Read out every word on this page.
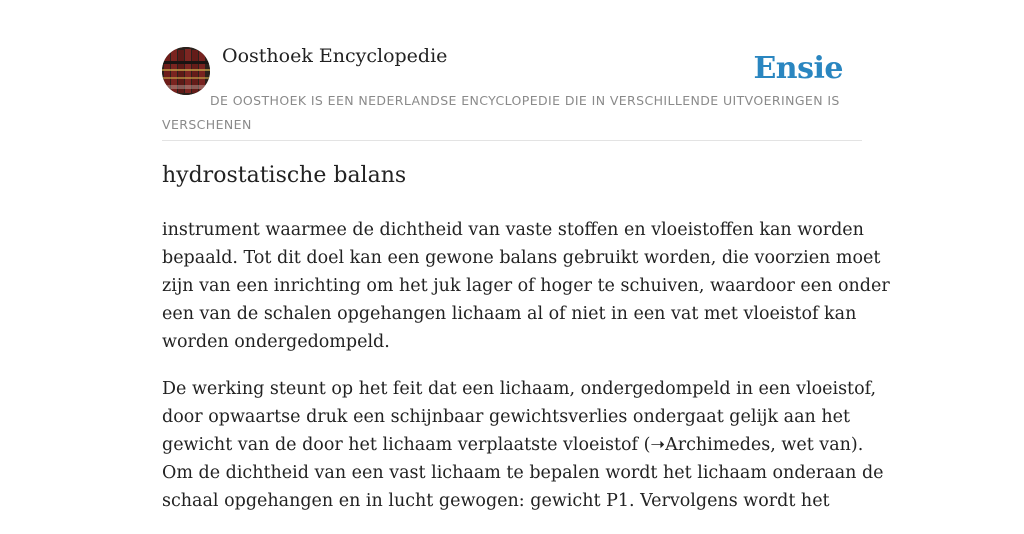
Oosthoek Encyclopedie	Ensie
DE OOSTHOEK IS EEN NEDERLANDSE ENCYCLOPEDIE DIE IN VERSCHILLENDE UITVOERINGEN IS VERSCHENEN
hydrostatische balans

instrument waarmee de dichtheid van vaste stoffen en vloeistoffen kan worden
bepaald. Tot dit doel kan een gewone balans gebruikt worden, die voorzien moet
zijn van een inrichting om het juk lager of hoger te schuiven, waardoor een onder
een van de schalen opgehangen lichaam al of niet in een vat met vloeistof kan
worden ondergedompeld.

De werking steunt op het feit dat een lichaam, ondergedompeld in een vloeistof,
door opwaartse druk een schijnbaar gewichtsverlies ondergaat gelijk aan het
gewicht van de door het lichaam verplaatste vloeistof (➝Archimedes, wet van).
Om de dichtheid van een vast lichaam te bepalen wordt het lichaam onderaan de
schaal opgehangen en in lucht gewogen: gewicht P1. Vervolgens wordt het
